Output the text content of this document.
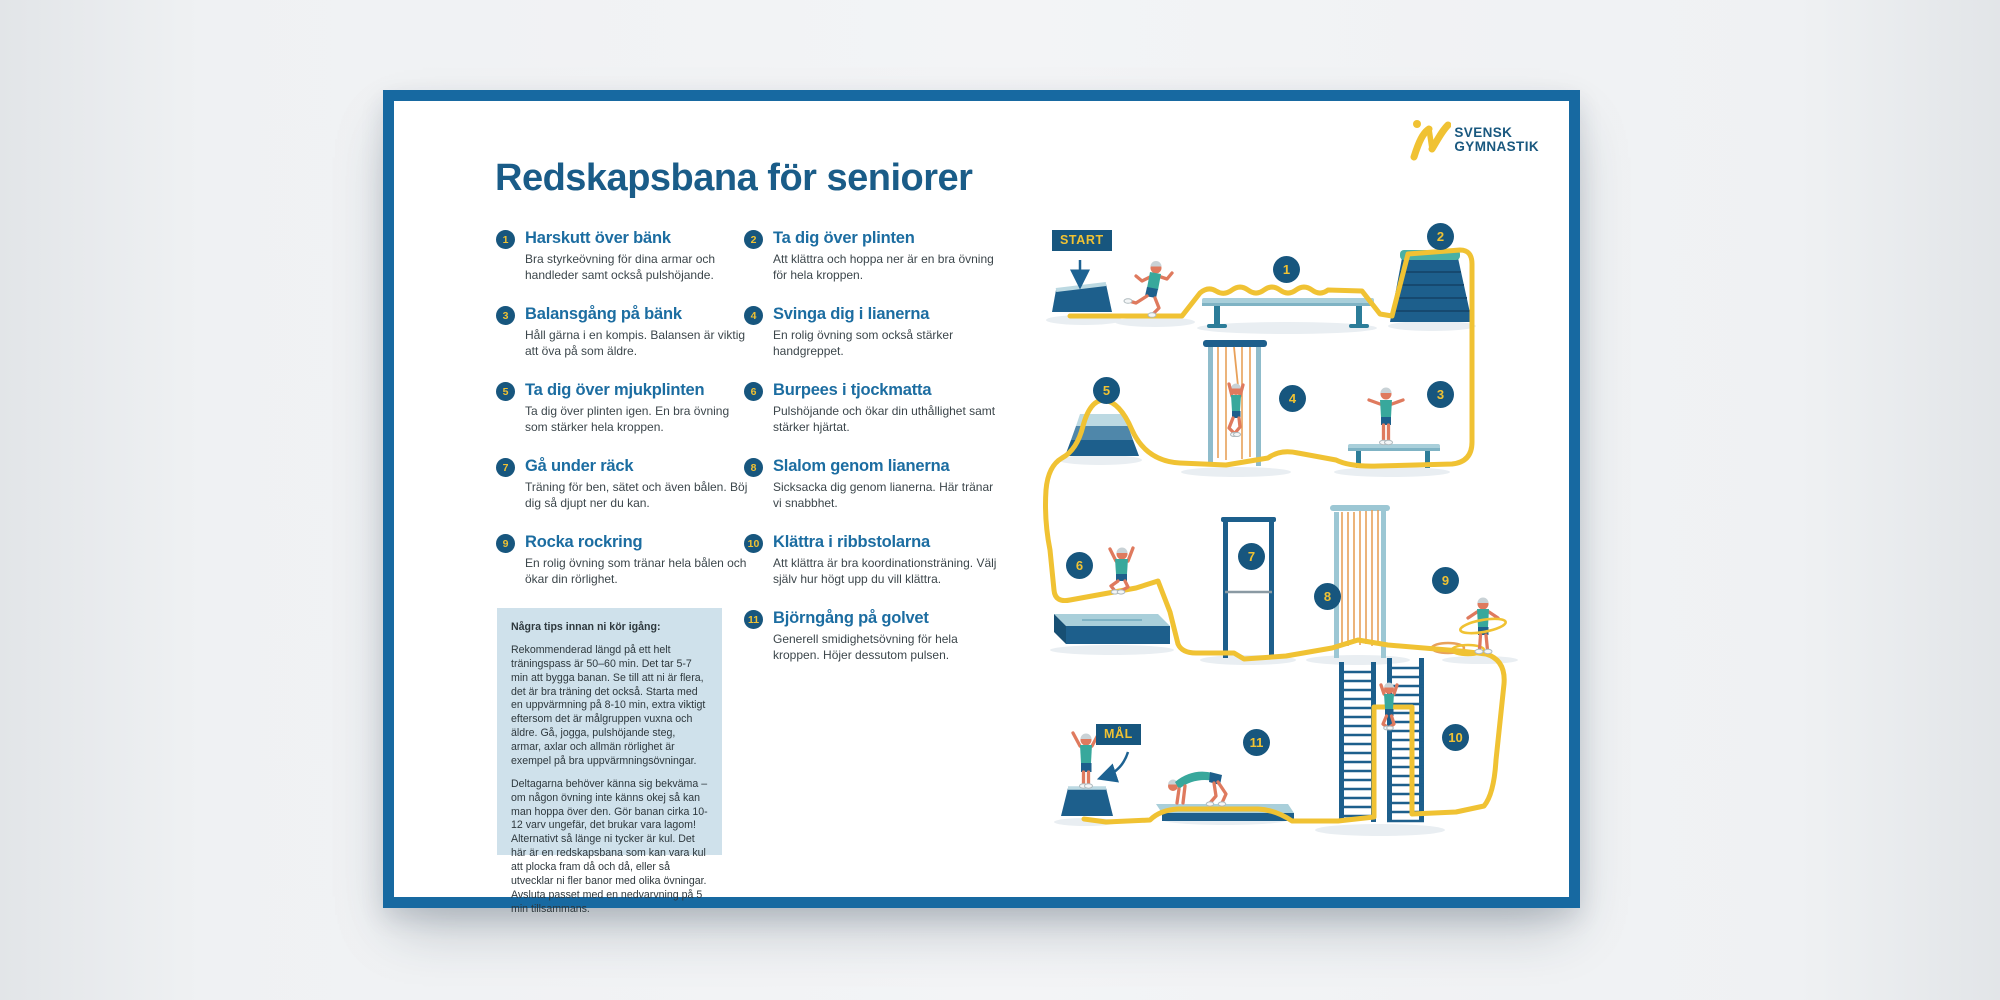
SVENSK
GYMNASTIK
Redskapsbana för seniorer
1	Harskutt över bänk
Bra styrkeövning för dina armar och handleder samt också pulshöjande.
3	Balansgång på bänk
Håll gärna i en kompis. Balansen är viktig att öva på som äldre.
5	Ta dig över mjukplinten
Ta dig över plinten igen. En bra övning som stärker hela kroppen.
7	Gå under räck
Träning för ben, sätet och även bålen. Böj dig så djupt ner du kan.
9	Rocka rockring
En rolig övning som tränar hela bålen och ökar din rörlighet.
2	Ta dig över plinten
Att klättra och hoppa ner är en bra övning för hela kroppen.
4	Svinga dig i lianerna
En rolig övning som också stärker handgreppet.
6	Burpees i tjockmatta
Pulshöjande och ökar din uthållighet samt stärker hjärtat.
8	Slalom genom lianerna
Sicksacka dig genom lianerna. Här tränar vi snabbhet.
10 Klättra i ribbstolarna
Att klättra är bra koordinationsträning. Välj själv hur högt upp du vill klättra.
11 Björngång på golvet
Generell smidighetsövning för hela kroppen. Höjer dessutom pulsen.

Några tips innan ni kör igång:

Rekommenderad längd på ett helt träningspass är 50–60 min. Det tar 5-7 min att bygga banan. Se till att ni är flera, det är bra träning det också. Starta med en uppvärmning på 8-10 min, extra viktigt eftersom det är målgruppen vuxna och äldre. Gå, jogga, pulshöjande steg, armar, axlar och allmän rörlighet är exempel på bra uppvärmningsövningar.

Deltagarna behöver känna sig bekväma – om någon övning inte känns okej så kan man hoppa över den. Gör banan cirka 10-12 varv ungefär, det brukar vara lagom! Alternativt så länge ni tycker är kul. Det här är en redskapsbana som kan vara kul att plocka fram då och då, eller så utvecklar ni fler banor med olika övningar. Avsluta passet med en nedvarvning på 5 min tillsammans.

START
MÅL
1
2
3
4
5
6
7
8
9
10
11
